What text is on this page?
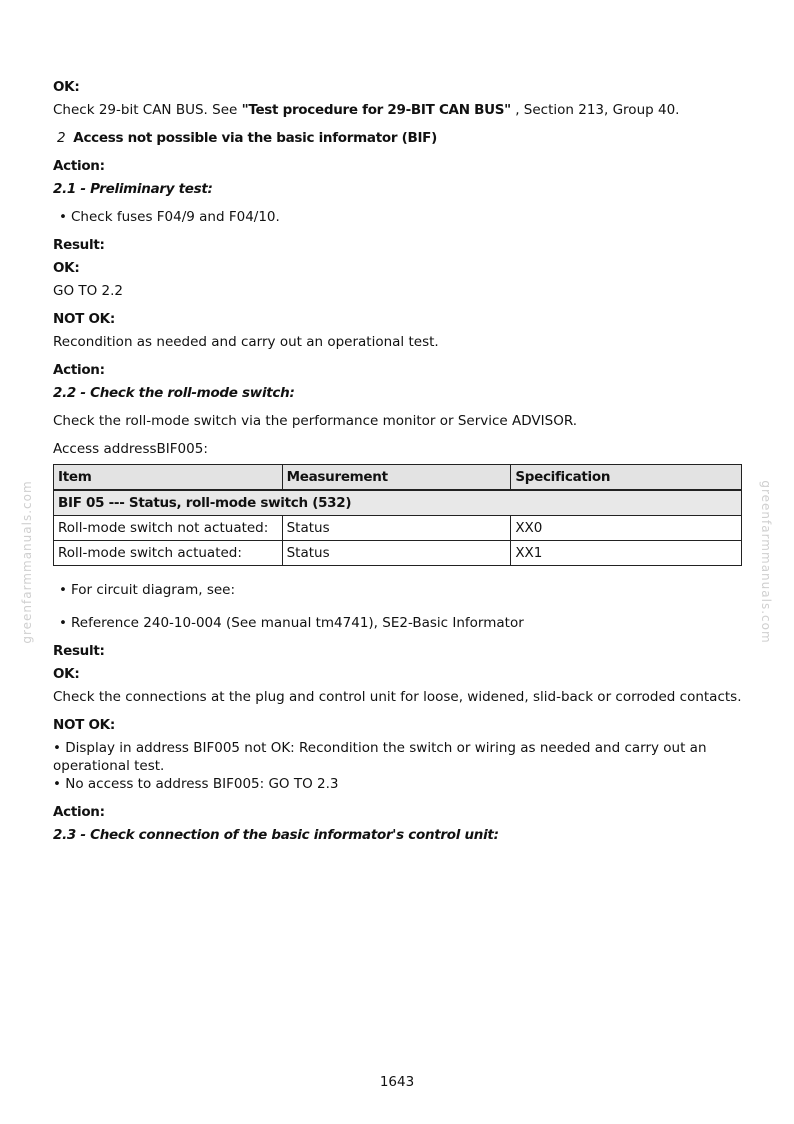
greenfarmmanuals.com	greenfarmmanuals.com

OK:

Check 29-bit CAN BUS. See "Test procedure for 29-BIT CAN BUS" , Section 213, Group 40.

2 Access not possible via the basic informator (BIF)

Action:

2.1 - Preliminary test:

• Check fuses F04/9 and F04/10.

Result:

OK:

GO TO 2.2

NOT OK:

Recondition as needed and carry out an operational test.

Action:

2.2 - Check the roll-mode switch:

Check the roll-mode switch via the performance monitor or Service ADVISOR.

Access addressBIF005:

Item	Measurement	Specification
BIF 05 --- Status, roll-mode switch (532)		
Roll-mode switch not actuated:	Status	XX0
Roll-mode switch actuated:	Status	XX1
• For circuit diagram, see:
• Reference 240-10-004 (See manual tm4741), SE2-Basic Informator

Result:

OK:

Check the connections at the plug and control unit for loose, widened, slid-back or corroded contacts.

NOT OK:

• Display in address BIF005 not OK: Recondition the switch or wiring as needed and carry out an operational test.

• No access to address BIF005: GO TO 2.3

Action:

2.3 - Check connection of the basic informator's control unit:

1643
